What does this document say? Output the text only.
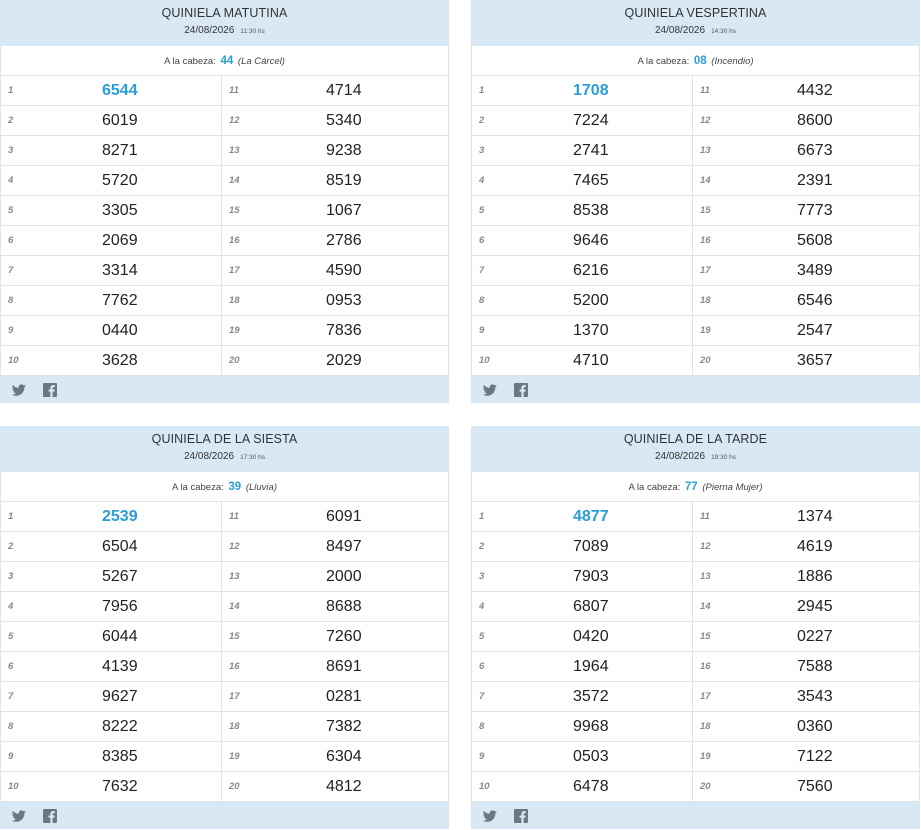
QUINIELA MATUTINA
24/08/2026 11:30 hs
A la cabeza: 44 (La Cárcel)
1	6544	11	4714
2	6019	12	5340
3	8271	13	9238
4	5720	14	8519
5	3305	15	1067
6	2069	16	2786
7	3314	17	4590
8	7762	18	0953
9	0440	19	7836
10	3628	20	2029
QUINIELA VESPERTINA
24/08/2026 14:30 hs
A la cabeza: 08 (Incendio)
1	1708	11	4432
2	7224	12	8600
3	2741	13	6673
4	7465	14	2391
5	8538	15	7773
6	9646	16	5608
7	6216	17	3489
8	5200	18	6546
9	1370	19	2547
10	4710	20	3657
QUINIELA DE LA SIESTA
24/08/2026 17:30 hs
A la cabeza: 39 (Lluvia)
1	2539	11	6091
2	6504	12	8497
3	5267	13	2000
4	7956	14	8688
5	6044	15	7260
6	4139	16	8691
7	9627	17	0281
8	8222	18	7382
9	8385	19	6304
10	7632	20	4812
QUINIELA DE LA TARDE
24/08/2026 19:30 hs
A la cabeza: 77 (Pierna Mujer)
1	4877	11	1374
2	7089	12	4619
3	7903	13	1886
4	6807	14	2945
5	0420	15	0227
6	1964	16	7588
7	3572	17	3543
8	9968	18	0360
9	0503	19	7122
10	6478	20	7560
